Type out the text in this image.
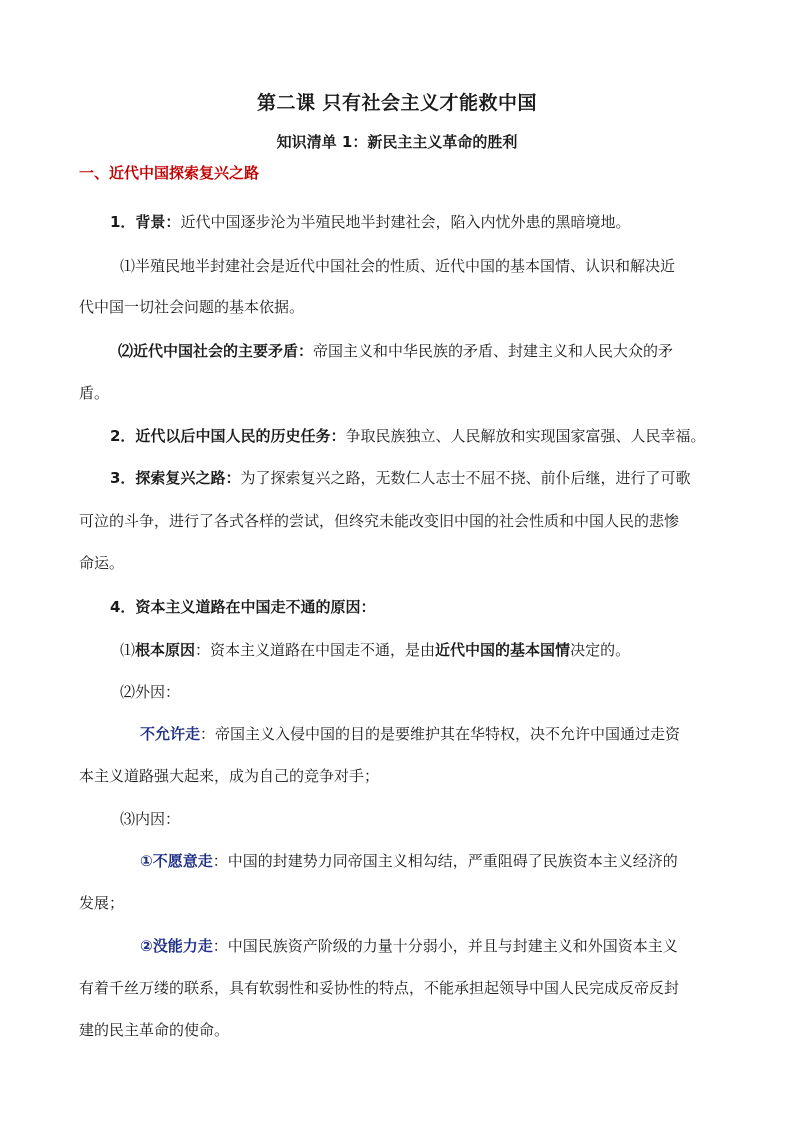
第二课 只有社会主义才能救中国
知识清单 1：新民主主义革命的胜利
一、近代中国探索复兴之路
1．背景：近代中国逐步沦为半殖民地半封建社会，陷入内忧外患的黑暗境地。
⑴半殖民地半封建社会是近代中国社会的性质、近代中国的基本国情、认识和解决近
代中国一切社会问题的基本依据。
⑵近代中国社会的主要矛盾：帝国主义和中华民族的矛盾、封建主义和人民大众的矛
盾。
2．近代以后中国人民的历史任务：争取民族独立、人民解放和实现国家富强、人民幸福。
3．探索复兴之路：为了探索复兴之路，无数仁人志士不屈不挠、前仆后继，进行了可歌
可泣的斗争，进行了各式各样的尝试，但终究未能改变旧中国的社会性质和中国人民的悲惨
命运。
4．资本主义道路在中国走不通的原因：
⑴根本原因：资本主义道路在中国走不通，是由近代中国的基本国情决定的。
⑵外因：
不允许走：帝国主义入侵中国的目的是要维护其在华特权，决不允许中国通过走资
本主义道路强大起来，成为自己的竞争对手；
⑶内因：
①不愿意走：中国的封建势力同帝国主义相勾结，严重阻碍了民族资本主义经济的
发展；
②没能力走：中国民族资产阶级的力量十分弱小，并且与封建主义和外国资本主义
有着千丝万缕的联系，具有软弱性和妥协性的特点，不能承担起领导中国人民完成反帝反封
建的民主革命的使命。
